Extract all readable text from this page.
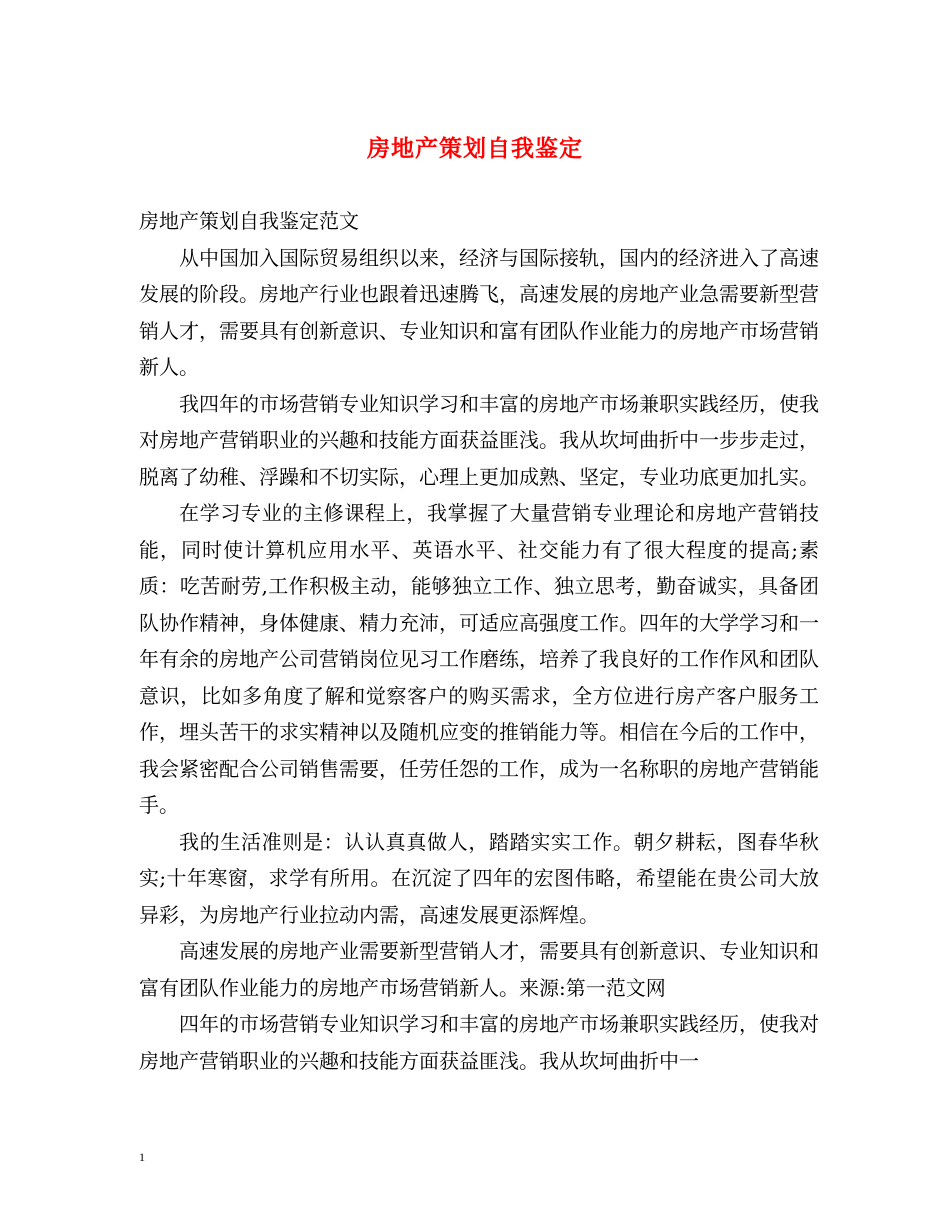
房地产策划自我鉴定

房地产策划自我鉴定范文

从中国加入国际贸易组织以来，经济与国际接轨，国内的经济进入了高速发展的阶段。房地产行业也跟着迅速腾飞，高速发展的房地产业急需要新型营销人才，需要具有创新意识、专业知识和富有团队作业能力的房地产市场营销新人。

我四年的市场营销专业知识学习和丰富的房地产市场兼职实践经历，使我对房地产营销职业的兴趣和技能方面获益匪浅。我从坎坷曲折中一步步走过，脱离了幼稚、浮躁和不切实际，心理上更加成熟、坚定，专业功底更加扎实。

在学习专业的主修课程上，我掌握了大量营销专业理论和房地产营销技能，同时使计算机应用水平、英语水平、社交能力有了很大程度的提高;素质：吃苦耐劳,工作积极主动，能够独立工作、独立思考，勤奋诚实，具备团队协作精神，身体健康、精力充沛，可适应高强度工作。四年的大学学习和一年有余的房地产公司营销岗位见习工作磨练，培养了我良好的工作作风和团队意识，比如多角度了解和觉察客户的购买需求，全方位进行房产客户服务工作，埋头苦干的求实精神以及随机应变的推销能力等。相信在今后的工作中，我会紧密配合公司销售需要，任劳任怨的工作，成为一名称职的房地产营销能手。

我的生活准则是：认认真真做人，踏踏实实工作。朝夕耕耘，图春华秋实;十年寒窗，求学有所用。在沉淀了四年的宏图伟略，希望能在贵公司大放异彩，为房地产行业拉动内需，高速发展更添辉煌。

高速发展的房地产业需要新型营销人才，需要具有创新意识、专业知识和富有团队作业能力的房地产市场营销新人。来源:第一范文网

四年的市场营销专业知识学习和丰富的房地产市场兼职实践经历，使我对房地产营销职业的兴趣和技能方面获益匪浅。我从坎坷曲折中一

1
